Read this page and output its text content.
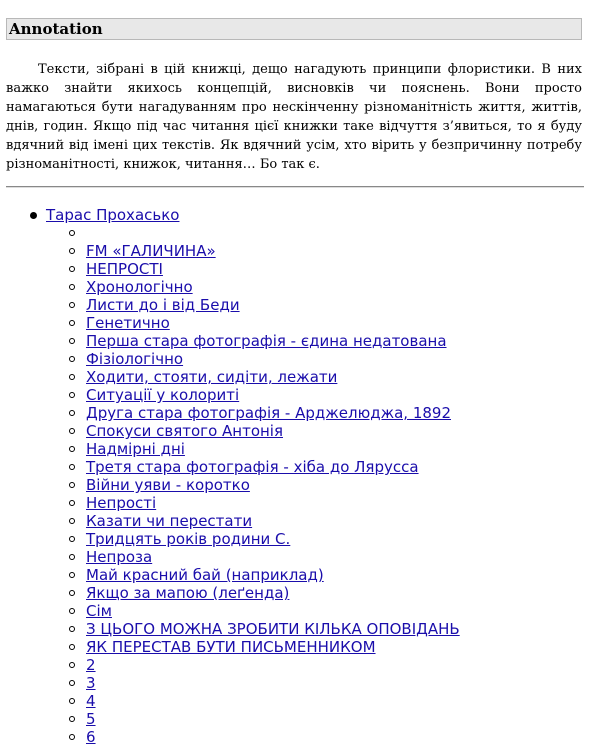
Annotation

Тексти, зібрані в цій книжці, дещо нагадують принципи флористики. В них важко знайти якихось концепцій, висновків чи пояснень. Вони просто намагаються бути нагадуванням про нескінченну різноманітність життя, життів, днів, годин. Якщо під час читання цієї книжки таке відчуття з’явиться, то я буду вдячний від імені цих текстів. Як вдячний усім, хто вірить у безпричинну потребу різноманітності, книжок, читання… Бо так є.

Тарас Прохасько
FM «ГАЛИЧИНА»
НЕПРОСТІ
Хронологічно
Листи до і від Беди
Генетично
Перша стара фотографія - єдина недатована
Фізіологічно
Ходити, стояти, сидіти, лежати
Ситуації у колориті
Друга стара фотографія - Арджелюджа, 1892
Спокуси святого Антонія
Надмірні дні
Третя стара фотографія - хіба до Лярусса
Війни уяви - коротко
Непрості
Казати чи перестати
Тридцять років родини С.
Непроза
Май красний бай (наприклад)
Якщо за мапою (леґенда)
Сім
З ЦЬОГО МОЖНА ЗРОБИТИ КІЛЬКА ОПОВІДАНЬ
ЯК ПЕРЕСТАВ БУТИ ПИСЬМЕННИКОМ
2
3
4
5
6
